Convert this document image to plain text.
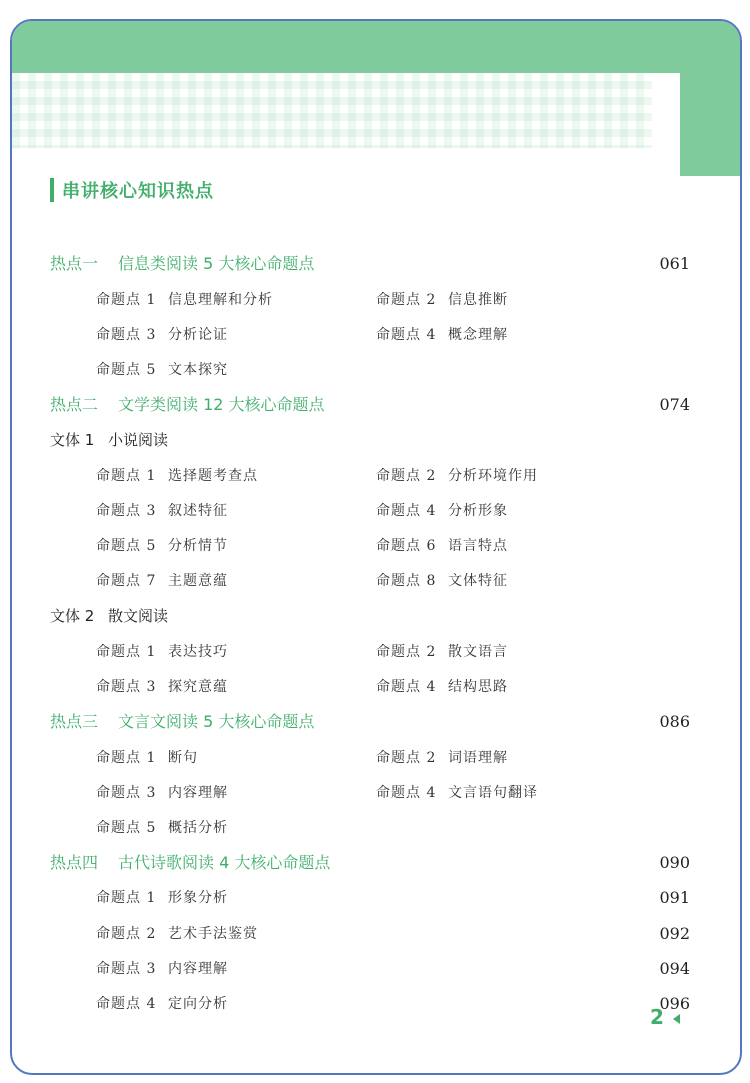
串讲核心知识热点
热点一 信息类阅读 5 大核心命题点	061
命题点 1 信息理解和分析	命题点 2 信息推断
命题点 3 分析论证	命题点 4 概念理解
命题点 5 文本探究
热点二 文学类阅读 12 大核心命题点	074
文体 1 小说阅读
命题点 1 选择题考查点	命题点 2 分析环境作用
命题点 3 叙述特征	命题点 4 分析形象
命题点 5 分析情节	命题点 6 语言特点
命题点 7 主题意蕴	命题点 8 文体特征
文体 2 散文阅读
命题点 1 表达技巧	命题点 2 散文语言
命题点 3 探究意蕴	命题点 4 结构思路
热点三 文言文阅读 5 大核心命题点	086
命题点 1 断句	命题点 2 词语理解
命题点 3 内容理解	命题点 4 文言语句翻译
命题点 5 概括分析
热点四 古代诗歌阅读 4 大核心命题点	090
命题点 1 形象分析	091
命题点 2 艺术手法鉴赏	092
命题点 3 内容理解	094
命题点 4 定向分析	096
2
